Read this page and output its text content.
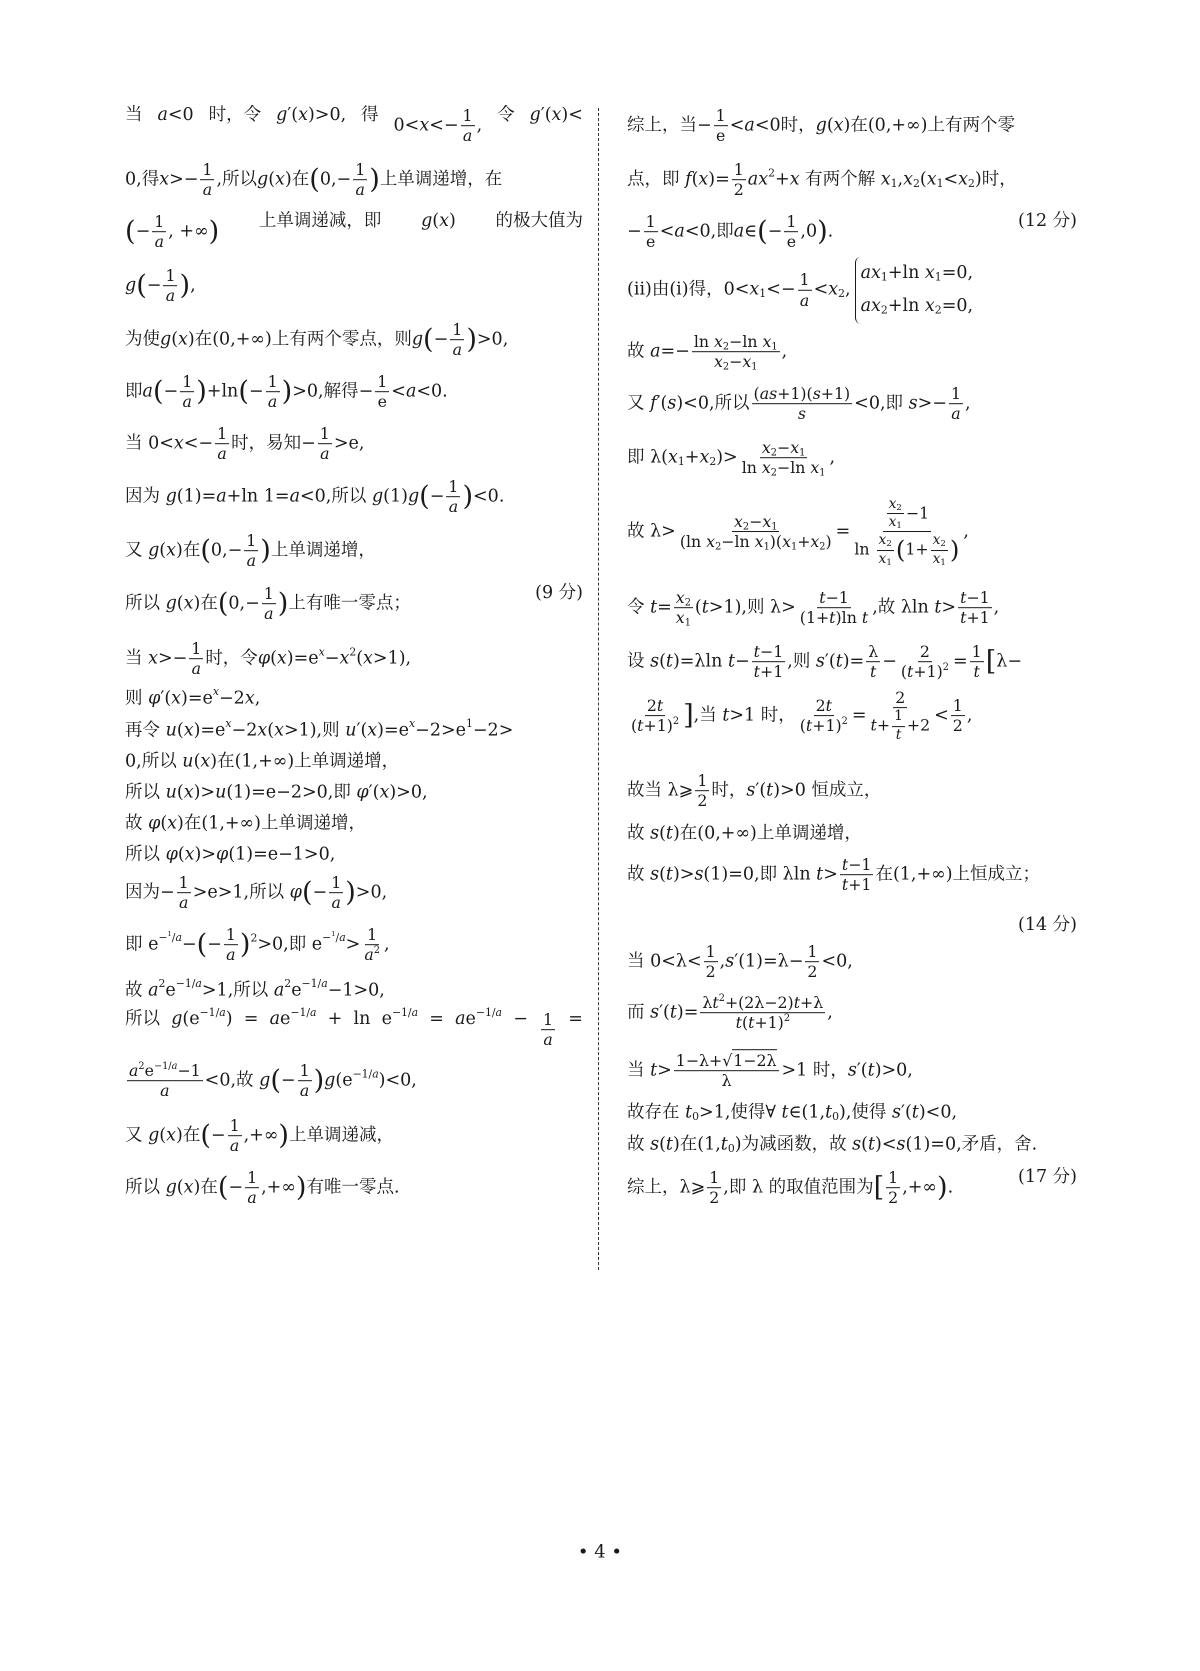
当 a<0 时，令 g′(x)>0, 得
$0<x<- \frac{1}{a}$ ,
令 g′(x)<
0,得$x>- \frac{1}{a}$ ,所以g(x)在($0,- \frac{1}{a}$ )上单调递增，在
(− $\frac{1}{a}$ , +∞) 上单调递减，即 g(x) 的极大值为
$g(- \frac{1}{a}$ ),
为使g(x)在(0,+∞)上有两个零点，则$g(- \frac{1}{a} )>0$,
即$a(- \frac{1}{a} )+\ln(- \frac{1}{a} )>0$,解得− $\frac{1}{e} <a<0$.
当 $0<x<- \frac{1}{a}$ 时，易知− $\frac{1}{a} >e$,
因为 g(1)=a+ln 1=a<0,所以 $g(1)g(- \frac{1}{a} )<0$.
又 g(x)在($0,- \frac{1}{a}$ )上单调递增，
所以 g(x)在($0,- \frac{1}{a}$ )上有唯一零点；
(9 分)
当 $x>- \frac{1}{a}$ 时，令$\varphi(x)=e^x-x^2(x>1)$,
则 $\varphi'(x)=e^x-2x$,
再令 $u(x)=e^x-2x(x>1)$,则 $u'(x)=e^x-2>e^1-2>$
0,所以 u(x)在(1,+∞)上单调递增，
所以 u(x)>u(1)=e−2>0,即 φ′(x)>0,
故 φ(x)在(1,+∞)上单调递增，
所以 φ(x)>φ(1)=e−1>0,
因为− $\frac{1}{a} >e>1$,所以 $\varphi(- \frac{1}{a} )>0$,
即 $e^{-^1/a}-(- \frac{1}{a} )^2>0$,即 $e^{-^1/a}> \frac{1}{a^2}$ ,
故 $a^2e^{-1/a}>1$,所以 $a^2e^{-1/a}-1>0$,
所以 $g(e^{-1/a}) = ae^{-1/a} + \ln e^{-1/a} = ae^{-1/a} - \frac{1}{a}$ =
$\frac{a^2e^{-1/a}-1}{a} <0$,故 $g(- \frac{1}{a} )g(e^{-1/a})<0$,
又 g(x)在(− $\frac{1}{a}$ ,+∞)上单调递减，
所以 g(x)在(− $\frac{1}{a}$ ,+∞)有唯一零点.
综上，当− $\frac{1}{e} <a<0$时，g(x)在(0,+∞)上有两个零
点，即 $f(x)= \frac{1}{2} ax^2+x$ 有两个解 $x_1,x_2(x_1<x_2)$时，
− $\frac{1}{e} <a<0$,即a∈(− $\frac{1}{e} ,0$).
(12 分)
(ⅱ)由(ⅰ)得，$0<x_1<- \frac{1}{a} <x_2$,
$ax_1+\ln$ $x_1=0$,
$ax_2+\ln$ $x_2=0$,
故 $a=- \frac{\ln x_2-\ln x_1}{x_2-x_1}$ ,
又 f′(s)<0,所以 $\frac{(as+1)(s+1)}{s} <0$,即 $s>- \frac{1}{a}$ ,
即 $\lambda(x_1+x_2)> \frac{x_2-x_1}{\ln x_2-\ln x_1}$ ,
故 $\lambda> \frac{x_2-x_1}{(\ln x_2-\ln x_1)(x_1+x_2)} = \frac{\frac{x_2}{x_1} -1}{\ln \frac{x_2}{x_1} (1+ \frac{x_2}{x_1} )}$ ,
令 $t= \frac{x_2}{x_1} (t>1)$,则 $\lambda> \frac{t-1}{\text{(1+t)ln t}}$ ,故 λln $t> \frac{t-1}{t+1}$ ,
设 s(t)=λln $t- \frac{t-1}{t+1}$ ,则 $s'(t)= \frac{\lambda}{t} - \frac{2}{(t+1)^2} = \frac{1}{t} [\lambda-$
$\frac{2t}{(t+1)^2}$ ],当 t>1 时， $\frac{2t}{(t+1)^2} = \frac{2}{t+ \frac{1}{t} +2} < \frac{1}{2}$ ,
故当 λ⩾ $\frac{1}{2}$ 时，s′(t)>0 恒成立，
故 s(t)在(0,+∞)上单调递增，
故 s(t)>s(1)=0,即 λln $t> \frac{t-1}{t+1}$ 在(1,+∞)上恒成立；
(14 分)
当 $0<\lambda< \frac{1}{2} ,s'(1)=\lambda- \frac{1}{2} <0$,
而 $s'(t)= \frac{\lambda t^2+(2\lambda-2)t+\lambda}{t(t+1)^2}$ ,
当 $t> \frac{1-\lambda+√1-2\lambda}{\lambda} >1$ 时，s′(t)>0,
故存在 $t_0>1$,使得∀ $t\in(1,t_0)$,使得 s′(t)<0,
故 s(t)在$(1,t_0)$为减函数，故 s(t)<s(1)=0,矛盾，舍.
综上，λ⩾ $\frac{1}{2}$ ,即 λ 的取值范围为[ $\frac{1}{2}$ ,+∞).
(17 分)
• 4 •
